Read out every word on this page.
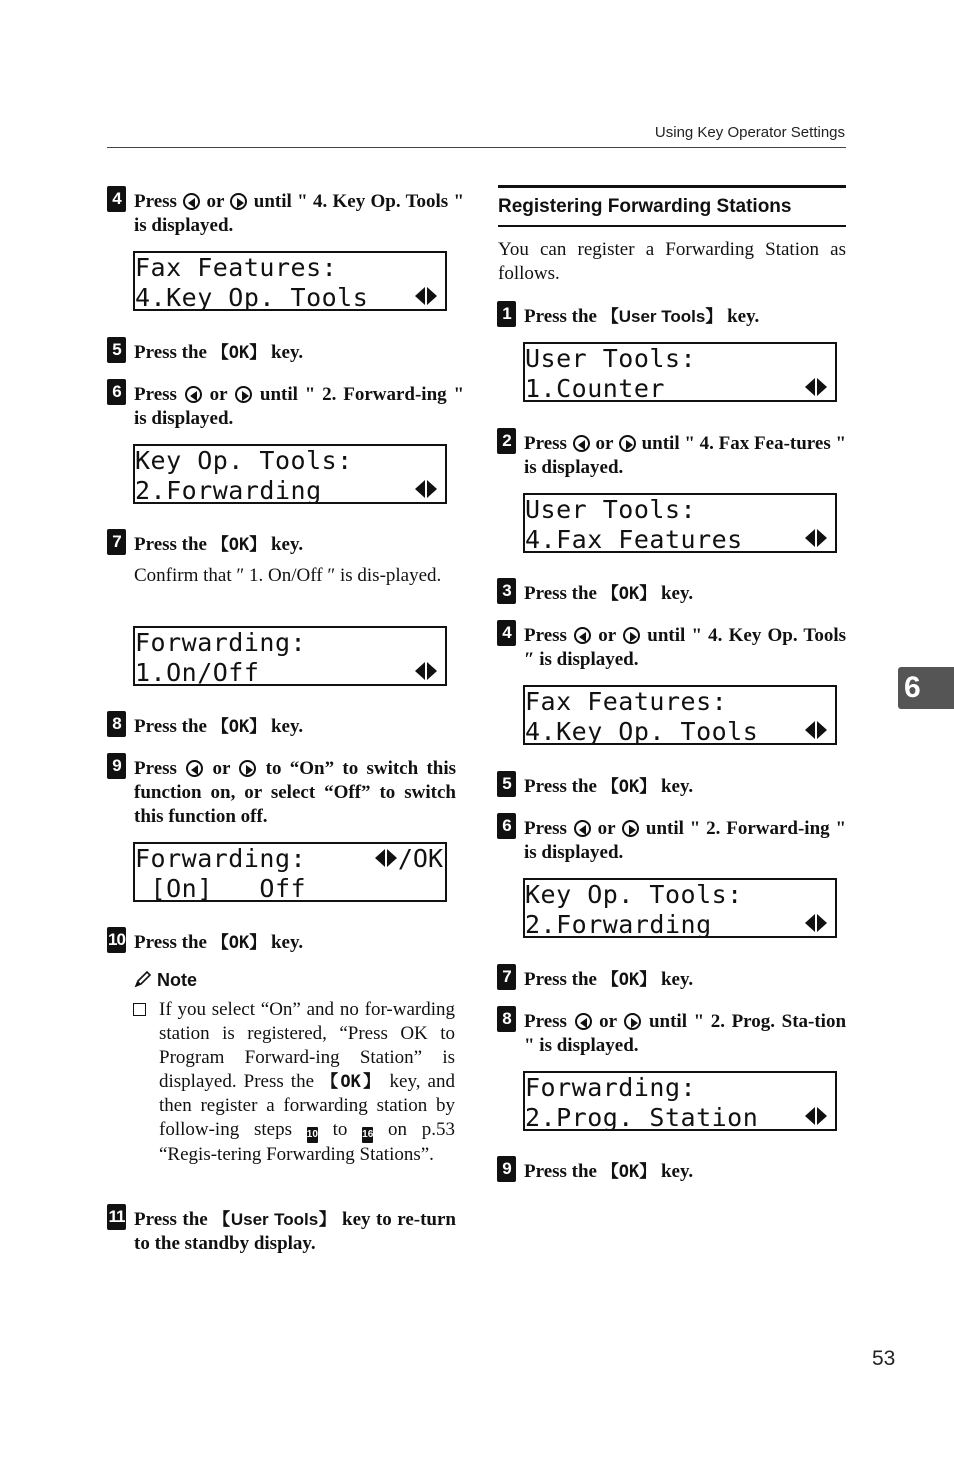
Using Key Operator Settings
6
53
4 Press or until " 4. Key Op. Tools " is displayed.
Fax Features:
4.Key Op. Tools
5 Press the 【OK】 key.
6 Press or until " 2. Forward-ing " is displayed.
Key Op. Tools:
2.Forwarding
7 Press the 【OK】 key.
Confirm that ″ 1. On/Off ″ is dis-played.
Forwarding:
1.On/Off
8 Press the 【OK】 key.
9 Press or to “On” to switch this function on, or select “Off” to switch this function off.
Forwarding:	/OK
[On]   Off
10 Press the 【OK】 key.
Note
If you select “On” and no for-warding station is registered, “Press OK to Program Forward-ing Station” is displayed. Press the 【OK】 key, and then register a forwarding station by follow-ing steps 10 to 16 on p.53 “Regis-tering Forwarding Stations”.
11 Press the 【User Tools】 key to re-turn to the standby display.
Registering Forwarding Stations
You can register a Forwarding Station as follows.
1 Press the 【User Tools】 key.
User Tools:
1.Counter
2 Press or until " 4. Fax Fea-tures " is displayed.
User Tools:
4.Fax Features
3 Press the 【OK】 key.
4 Press or until " 4. Key Op. Tools ″ is displayed.
Fax Features:
4.Key Op. Tools
5 Press the 【OK】 key.
6 Press or until " 2. Forward-ing " is displayed.
Key Op. Tools:
2.Forwarding
7 Press the 【OK】 key.
8 Press or until " 2. Prog. Sta-tion " is displayed.
Forwarding:
2.Prog. Station
9 Press the 【OK】 key.
